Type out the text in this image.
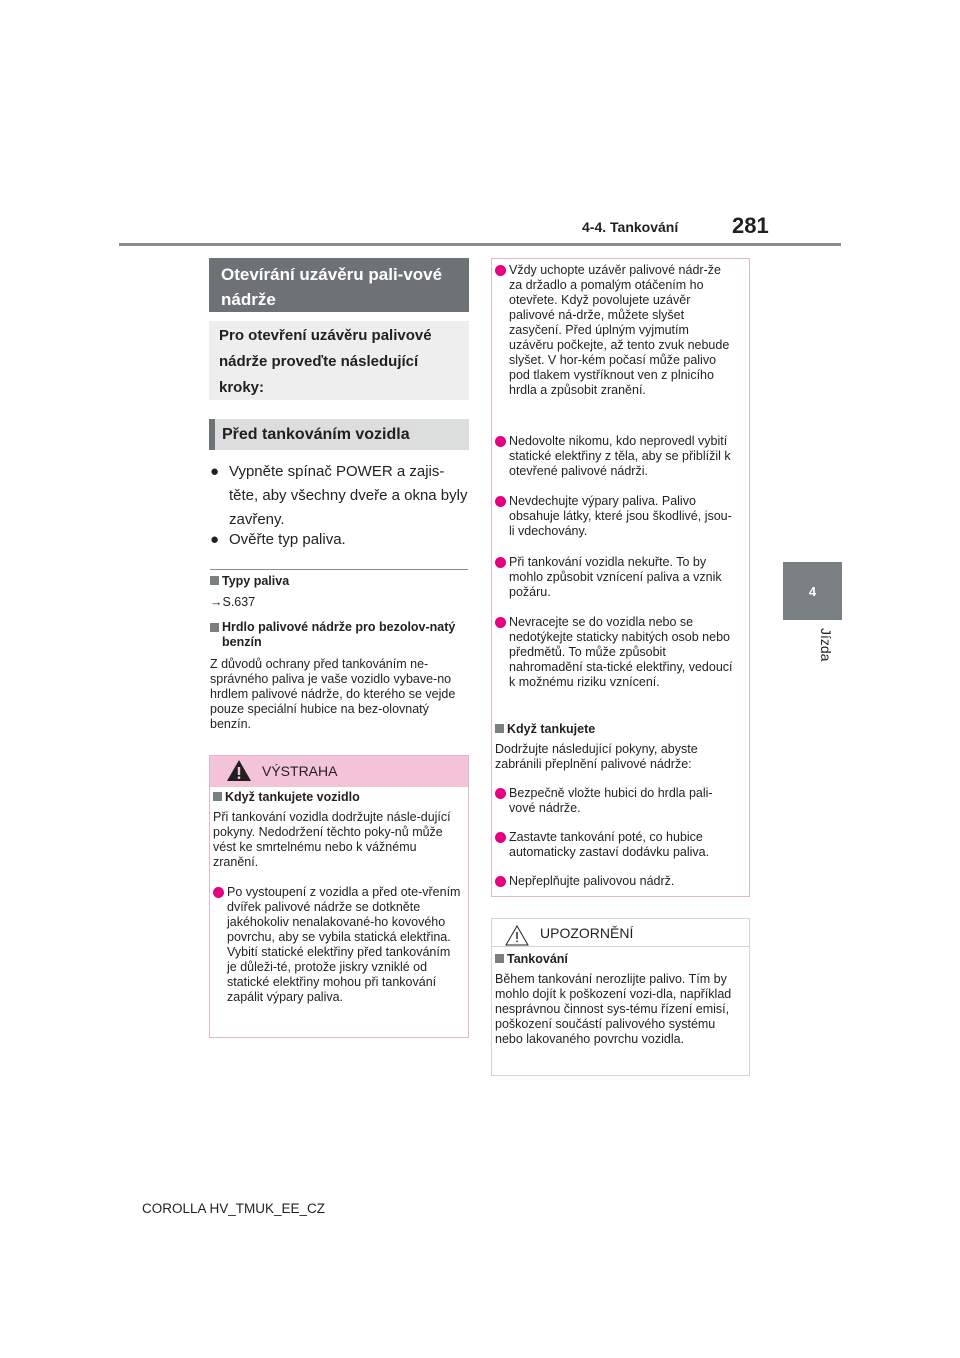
4-4. Tankování 281
4
Jízda
Otevírání uzávěru pali-vové nádrže
Pro otevření uzávěru palivové nádrže proveďte následující kroky:
Před tankováním vozidla
● Vypněte spínač POWER a zajis-těte, aby všechny dveře a okna byly zavřeny.
● Ověřte typ paliva.
Typy paliva
→S.637
Hrdlo palivové nádrže pro bezolov-natý benzín
Z důvodů ochrany před tankováním ne-správného paliva je vaše vozidlo vybave-no hrdlem palivové nádrže, do kterého se vejde pouze speciální hubice na bez-olovnatý benzín.
VÝSTRAHA
Když tankujete vozidlo
Při tankování vozidla dodržujte násle-dující pokyny. Nedodržení těchto poky-nů může vést ke smrtelnému nebo k vážnému zranění.
Po vystoupení z vozidla a před ote-vřením dvířek palivové nádrže se dotkněte jakéhokoliv nenalakované-ho kovového povrchu, aby se vybila statická elektřina. Vybití statické elektřiny před tankováním je důleži-té, protože jiskry vzniklé od statické elektřiny mohou při tankování zapálit výpary paliva.
Vždy uchopte uzávěr palivové nádr-že za držadlo a pomalým otáčením ho otevřete. Když povolujete uzávěr palivové ná-drže, můžete slyšet zasyčení. Před úplným vyjmutím uzávěru počkejte, až tento zvuk nebude slyšet. V hor-kém počasí může palivo pod tlakem vystříknout ven z plnicího hrdla a způsobit zranění.
Nedovolte nikomu, kdo neprovedl vybití statické elektřiny z těla, aby se přiblížil k otevřené palivové nádrži.
Nevdechujte výpary paliva. Palivo obsahuje látky, které jsou škodlivé, jsou-li vdechovány.
Při tankování vozidla nekuřte. To by mohlo způsobit vznícení paliva a vznik požáru.
Nevracejte se do vozidla nebo se nedotýkejte staticky nabitých osob nebo předmětů. To může způsobit nahromadění sta-tické elektřiny, vedoucí k možnému riziku vznícení.
Když tankujete
Dodržujte následující pokyny, abyste zabránili přeplnění palivové nádrže:
Bezpečně vložte hubici do hrdla pali-vové nádrže.
Zastavte tankování poté, co hubice automaticky zastaví dodávku paliva.
Nepřeplňujte palivovou nádrž.
UPOZORNĚNÍ
Tankování
Během tankování nerozlijte palivo. Tím by mohlo dojít k poškození vozi-dla, například nesprávnou činnost sys-tému řízení emisí, poškození součástí palivového systému nebo lakovaného povrchu vozidla.
COROLLA HV_TMUK_EE_CZ
